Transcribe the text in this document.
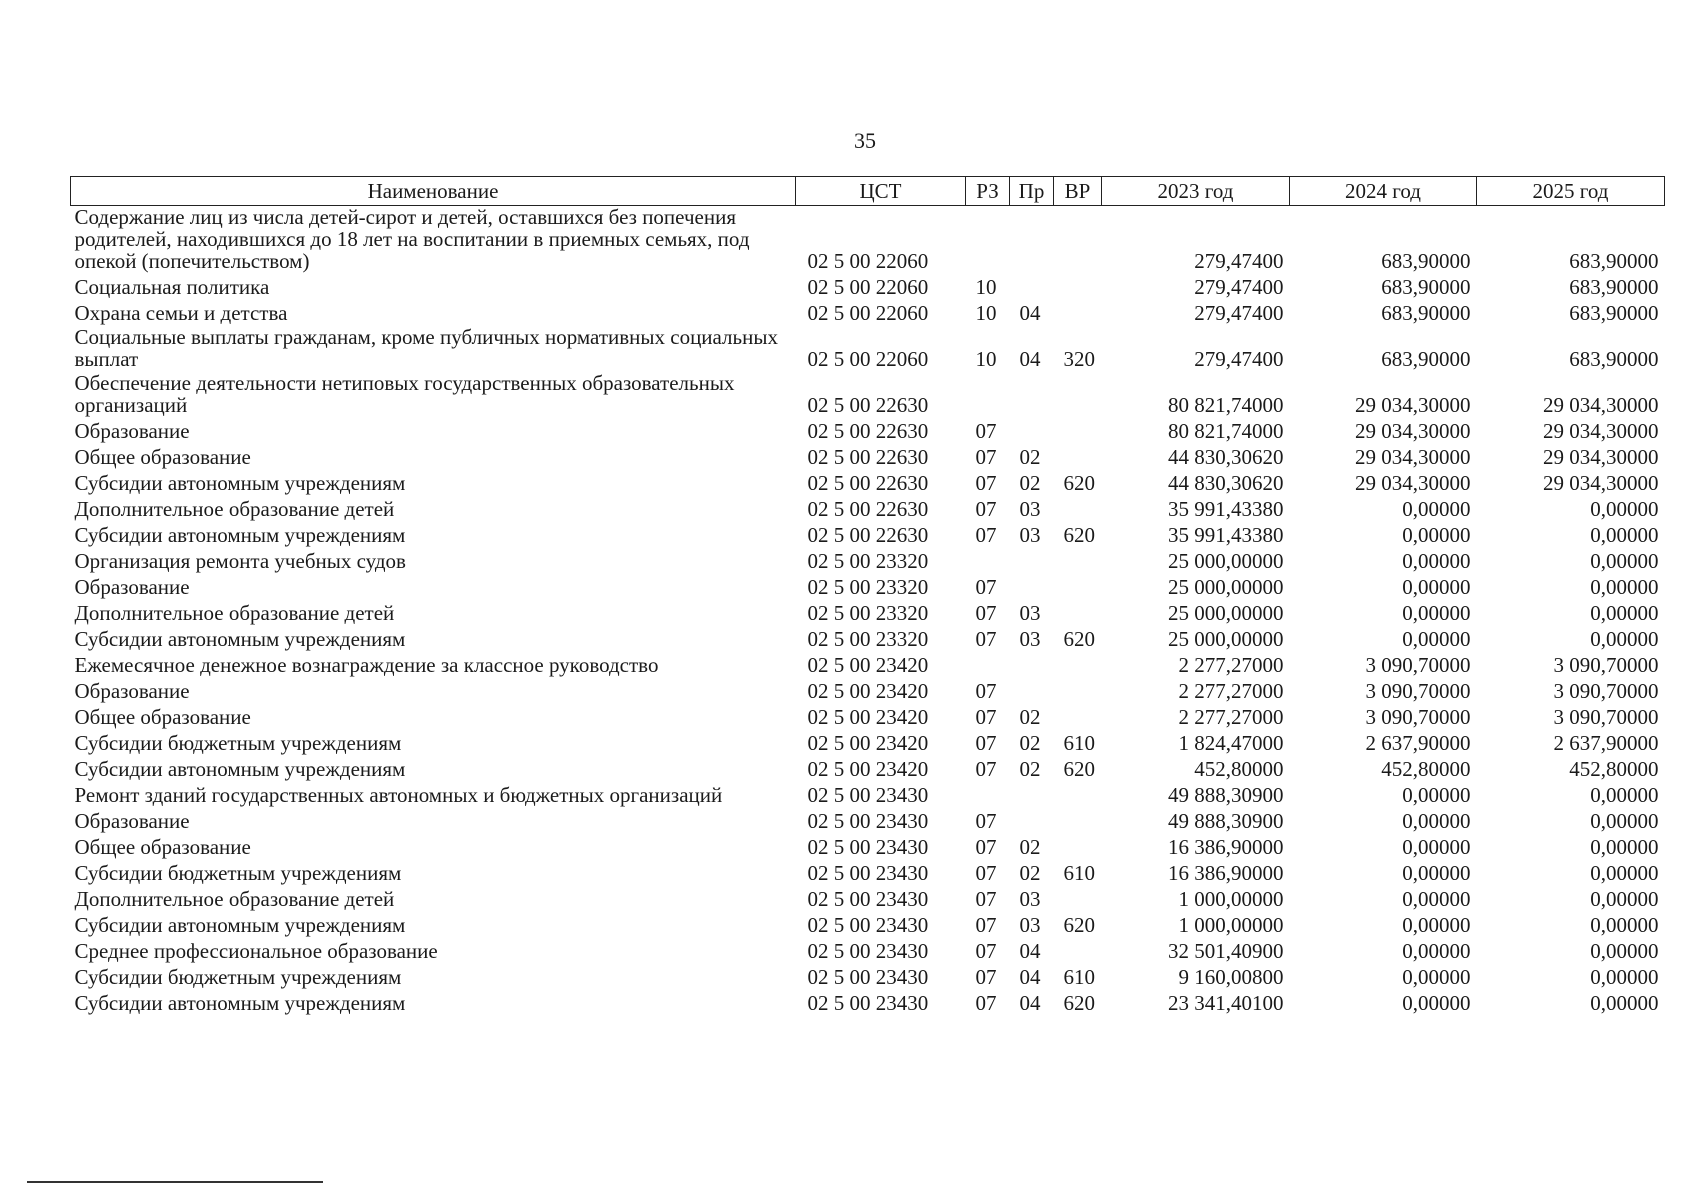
35
Наименование	ЦСТ	РЗ	Пр	ВР	2023 год	2024 год	2025 год
Содержание лиц из числа детей-сирот и детей, оставшихся без попечения родителей, находившихся до 18 лет на воспитании в приемных семьях, под опекой (попечительством)	02 5 00 22060				279,47400	683,90000	683,90000
Социальная политика	02 5 00 22060	10			279,47400	683,90000	683,90000
Охрана семьи и детства	02 5 00 22060	10	04		279,47400	683,90000	683,90000
Социальные выплаты гражданам, кроме публичных нормативных социальных выплат	02 5 00 22060	10	04	320	279,47400	683,90000	683,90000
Обеспечение деятельности нетиповых государственных образовательных организаций	02 5 00 22630				80 821,74000	29 034,30000	29 034,30000
Образование	02 5 00 22630	07			80 821,74000	29 034,30000	29 034,30000
Общее образование	02 5 00 22630	07	02		44 830,30620	29 034,30000	29 034,30000
Субсидии автономным учреждениям	02 5 00 22630	07	02	620	44 830,30620	29 034,30000	29 034,30000
Дополнительное образование детей	02 5 00 22630	07	03		35 991,43380	0,00000	0,00000
Субсидии автономным учреждениям	02 5 00 22630	07	03	620	35 991,43380	0,00000	0,00000
Организация ремонта учебных судов	02 5 00 23320				25 000,00000	0,00000	0,00000
Образование	02 5 00 23320	07			25 000,00000	0,00000	0,00000
Дополнительное образование детей	02 5 00 23320	07	03		25 000,00000	0,00000	0,00000
Субсидии автономным учреждениям	02 5 00 23320	07	03	620	25 000,00000	0,00000	0,00000
Ежемесячное денежное вознаграждение за классное руководство	02 5 00 23420				2 277,27000	3 090,70000	3 090,70000
Образование	02 5 00 23420	07			2 277,27000	3 090,70000	3 090,70000
Общее образование	02 5 00 23420	07	02		2 277,27000	3 090,70000	3 090,70000
Субсидии бюджетным учреждениям	02 5 00 23420	07	02	610	1 824,47000	2 637,90000	2 637,90000
Субсидии автономным учреждениям	02 5 00 23420	07	02	620	452,80000	452,80000	452,80000
Ремонт зданий государственных автономных и бюджетных организаций	02 5 00 23430				49 888,30900	0,00000	0,00000
Образование	02 5 00 23430	07			49 888,30900	0,00000	0,00000
Общее образование	02 5 00 23430	07	02		16 386,90000	0,00000	0,00000
Субсидии бюджетным учреждениям	02 5 00 23430	07	02	610	16 386,90000	0,00000	0,00000
Дополнительное образование детей	02 5 00 23430	07	03		1 000,00000	0,00000	0,00000
Субсидии автономным учреждениям	02 5 00 23430	07	03	620	1 000,00000	0,00000	0,00000
Среднее профессиональное образование	02 5 00 23430	07	04		32 501,40900	0,00000	0,00000
Субсидии бюджетным учреждениям	02 5 00 23430	07	04	610	9 160,00800	0,00000	0,00000
Субсидии автономным учреждениям	02 5 00 23430	07	04	620	23 341,40100	0,00000	0,00000
